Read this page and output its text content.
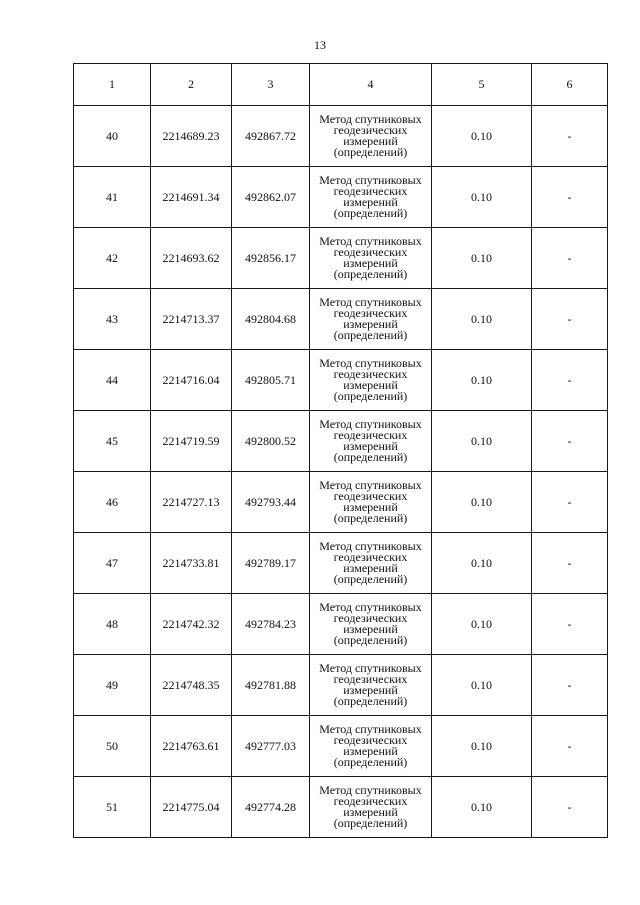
13
1	2	3	4	5	6
40	2214689.23	492867.72	Метод спутниковых
геодезических
измерений
(определений)	0.10	-
41	2214691.34	492862.07	Метод спутниковых
геодезических
измерений
(определений)	0.10	-
42	2214693.62	492856.17	Метод спутниковых
геодезических
измерений
(определений)	0.10	-
43	2214713.37	492804.68	Метод спутниковых
геодезических
измерений
(определений)	0.10	-
44	2214716.04	492805.71	Метод спутниковых
геодезических
измерений
(определений)	0.10	-
45	2214719.59	492800.52	Метод спутниковых
геодезических
измерений
(определений)	0.10	-
46	2214727.13	492793.44	Метод спутниковых
геодезических
измерений
(определений)	0.10	-
47	2214733.81	492789.17	Метод спутниковых
геодезических
измерений
(определений)	0.10	-
48	2214742.32	492784.23	Метод спутниковых
геодезических
измерений
(определений)	0.10	-
49	2214748.35	492781.88	Метод спутниковых
геодезических
измерений
(определений)	0.10	-
50	2214763.61	492777.03	Метод спутниковых
геодезических
измерений
(определений)	0.10	-
51	2214775.04	492774.28	Метод спутниковых
геодезических
измерений
(определений)	0.10	-
